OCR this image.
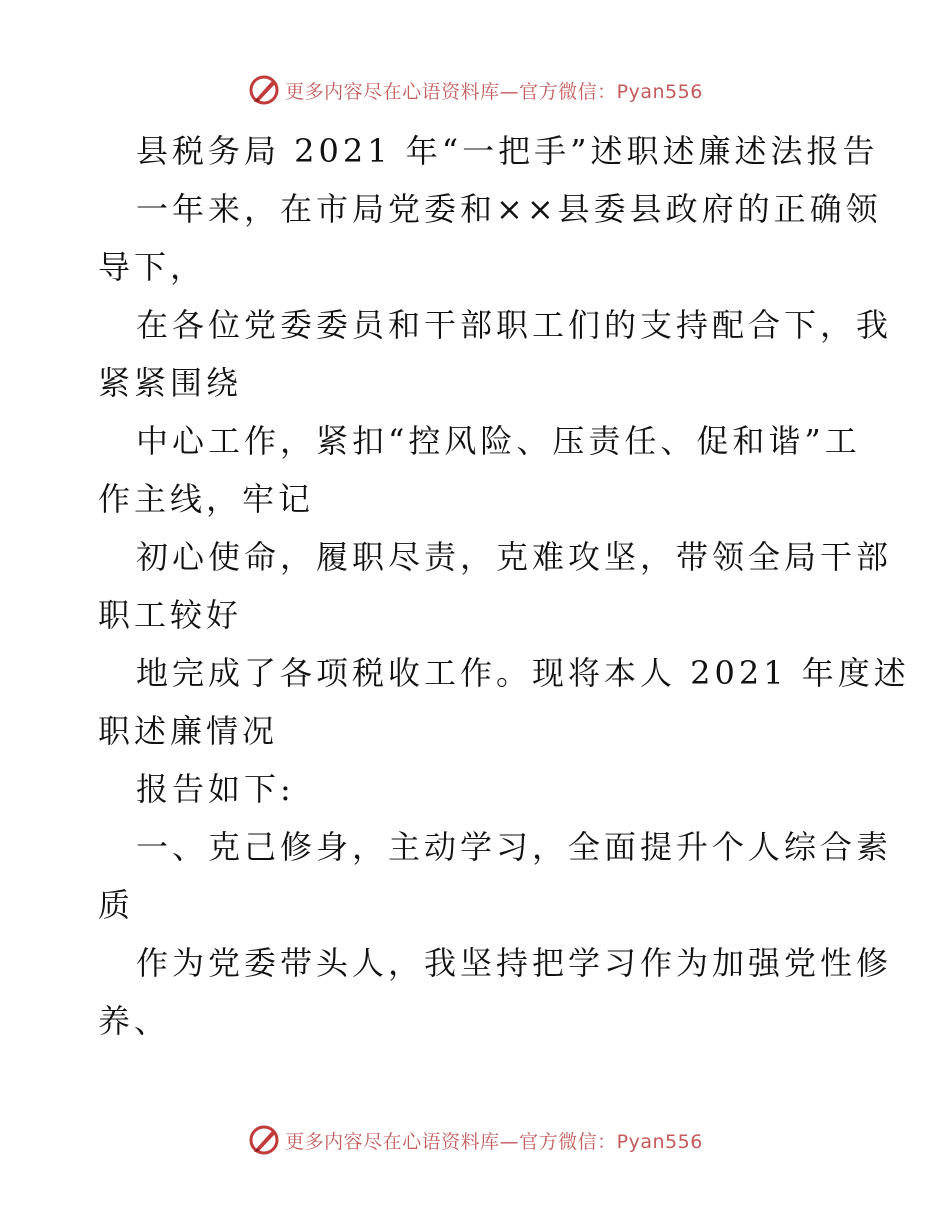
更多内容尽在心语资料库—官方微信：Pyan556
县税务局 2021 年“一把手”述职述廉述法报告
一年来，在市局党委和××县委县政府的正确领
导下，
在各位党委委员和干部职工们的支持配合下，我
紧紧围绕
中心工作，紧扣“控风险、压责任、促和谐”工
作主线，牢记
初心使命，履职尽责，克难攻坚，带领全局干部
职工较好
地完成了各项税收工作。现将本人 2021 年度述
职述廉情况
报告如下:
一、克己修身，主动学习，全面提升个人综合素
质
作为党委带头人，我坚持把学习作为加强党性修
养、
更多内容尽在心语资料库—官方微信：Pyan556
